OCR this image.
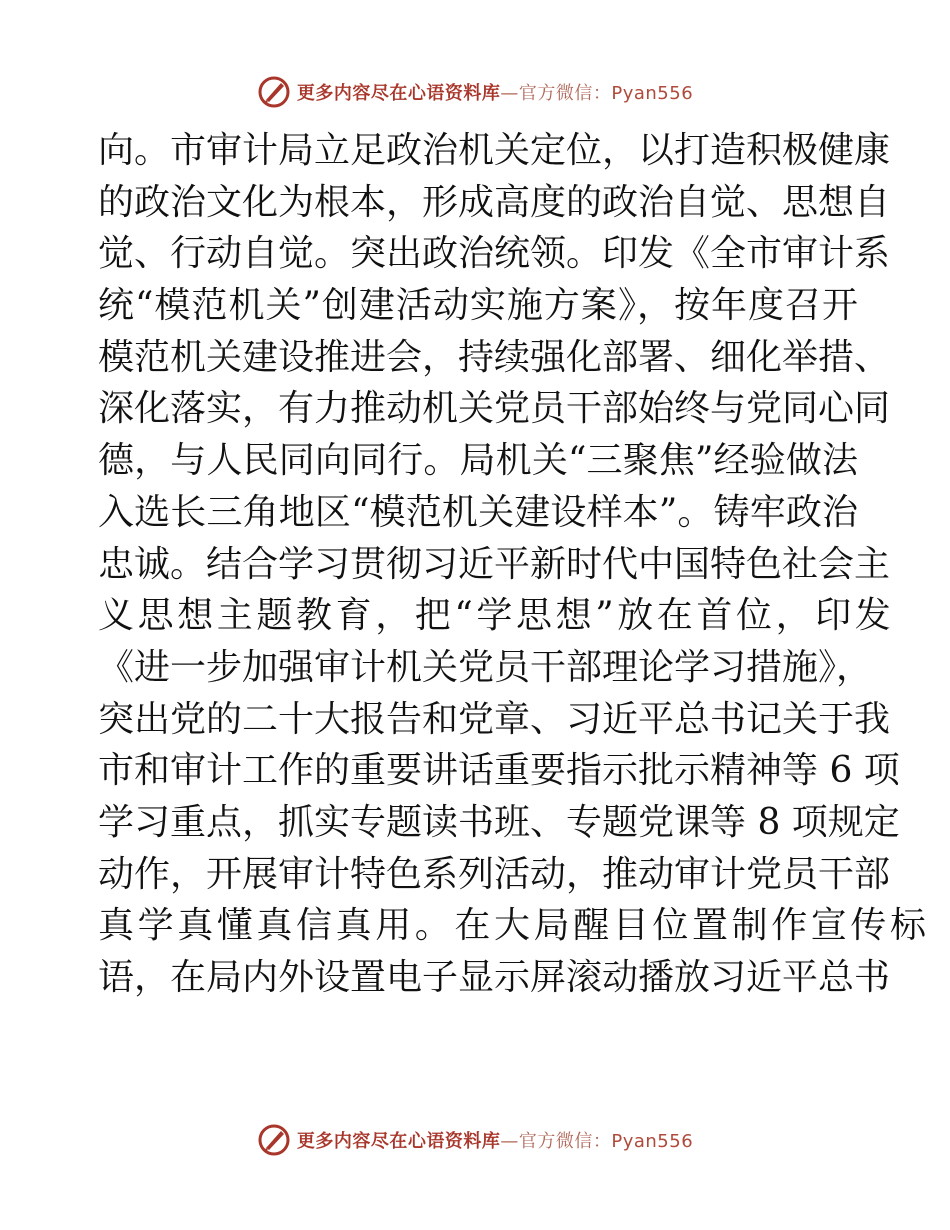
更多内容尽在心语资料库—官方微信：Pyan556
向。市审计局立足政治机关定位，以打造积极健康
的政治文化为根本，形成高度的政治自觉、思想自
觉、行动自觉。突出政治统领。印发《全市审计系
统“模范机关”创建活动实施方案》，按年度召开
模范机关建设推进会，持续强化部署、细化举措、
深化落实，有力推动机关党员干部始终与党同心同
德，与人民同向同行。局机关“三聚焦”经验做法
入选长三角地区“模范机关建设样本”。铸牢政治
忠诚。结合学习贯彻习近平新时代中国特色社会主
义思想主题教育，把“学思想”放在首位，印发
《进一步加强审计机关党员干部理论学习措施》，
突出党的二十大报告和党章、习近平总书记关于我
市和审计工作的重要讲话重要指示批示精神等 6 项
学习重点，抓实专题读书班、专题党课等 8 项规定
动作，开展审计特色系列活动，推动审计党员干部
真学真懂真信真用。在大局醒目位置制作宣传标
语，在局内外设置电子显示屏滚动播放习近平总书
更多内容尽在心语资料库—官方微信：Pyan556
